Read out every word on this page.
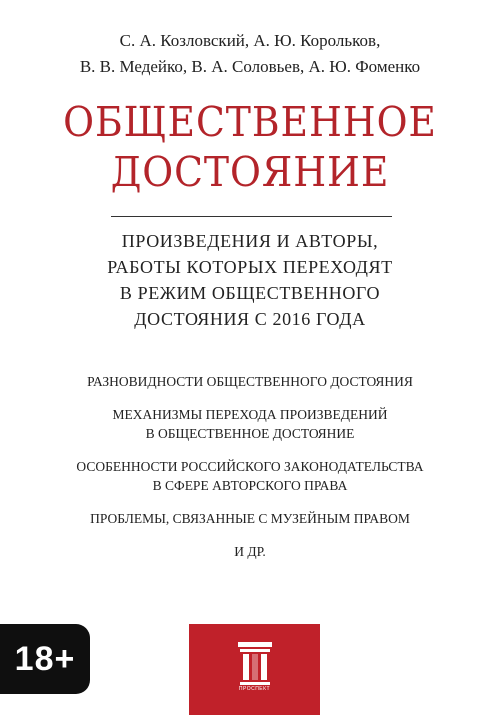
С. А. Козловский, А. Ю. Корольков,
В. В. Медейко, В. А. Соловьев, А. Ю. Фоменко
ОБЩЕСТВЕННОЕ
ДОСТОЯНИЕ
ПРОИЗВЕДЕНИЯ И АВТОРЫ,
РАБОТЫ КОТОРЫХ ПЕРЕХОДЯТ
В РЕЖИМ ОБЩЕСТВЕННОГО
ДОСТОЯНИЯ С 2016 ГОДА
РАЗНОВИДНОСТИ ОБЩЕСТВЕННОГО ДОСТОЯНИЯ
МЕХАНИЗМЫ ПЕРЕХОДА ПРОИЗВЕДЕНИЙ
В ОБЩЕСТВЕННОЕ ДОСТОЯНИЕ
ОСОБЕННОСТИ РОССИЙСКОГО ЗАКОНОДАТЕЛЬСТВА
В СФЕРЕ АВТОРСКОГО ПРАВА
ПРОБЛЕМЫ, СВЯЗАННЫЕ С МУЗЕЙНЫМ ПРАВОМ
И ДР.
18+
ПРОСПЕКТ
